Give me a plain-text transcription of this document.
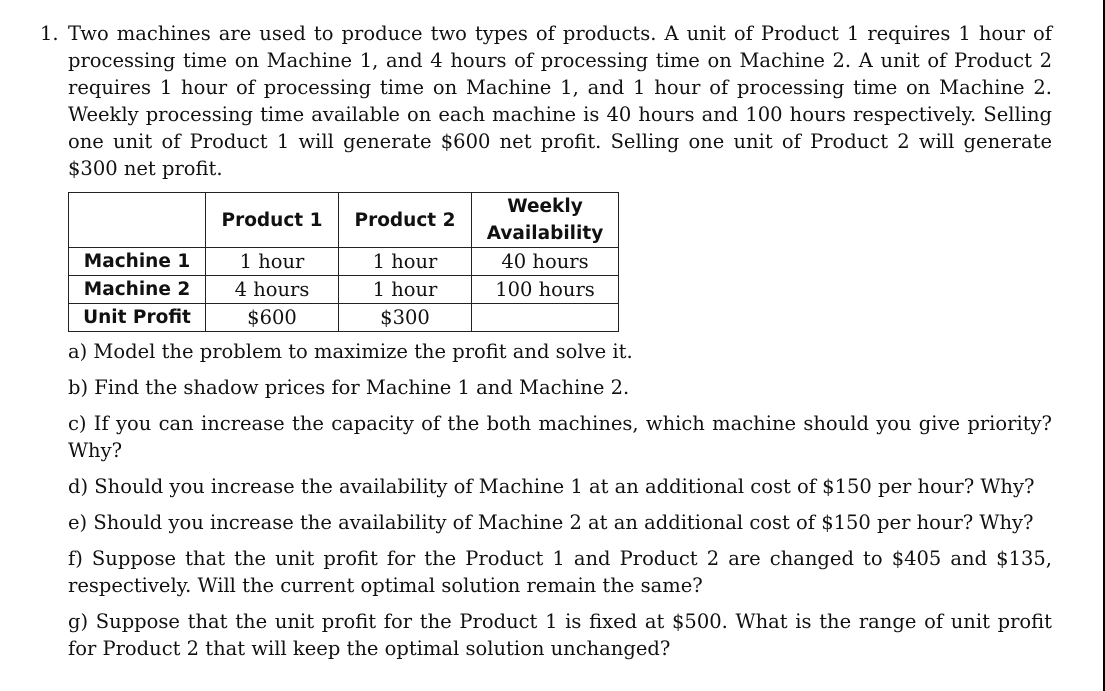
1. Two machines are used to produce two types of products. A unit of Product 1 requires 1 hour of processing time on Machine 1, and 4 hours of processing time on Machine 2. A unit of Product 2 requires 1 hour of processing time on Machine 1, and 1 hour of processing time on Machine 2. Weekly processing time available on each machine is 40 hours and 100 hours respectively. Selling one unit of Product 1 will generate $600 net profit. Selling one unit of Product 2 will generate $300 net profit.
	Product 1	Product 2	Weekly Availability
Machine 1	1 hour	1 hour	40 hours
Machine 2	4 hours	1 hour	100 hours
Unit Profit	$600	$300	
a) Model the problem to maximize the profit and solve it.
b) Find the shadow prices for Machine 1 and Machine 2.
c) If you can increase the capacity of the both machines, which machine should you give priority? Why?
d) Should you increase the availability of Machine 1 at an additional cost of $150 per hour? Why?
e) Should you increase the availability of Machine 2 at an additional cost of $150 per hour? Why?
f) Suppose that the unit profit for the Product 1 and Product 2 are changed to $405 and $135, respectively. Will the current optimal solution remain the same?
g) Suppose that the unit profit for the Product 1 is fixed at $500. What is the range of unit profit for Product 2 that will keep the optimal solution unchanged?
